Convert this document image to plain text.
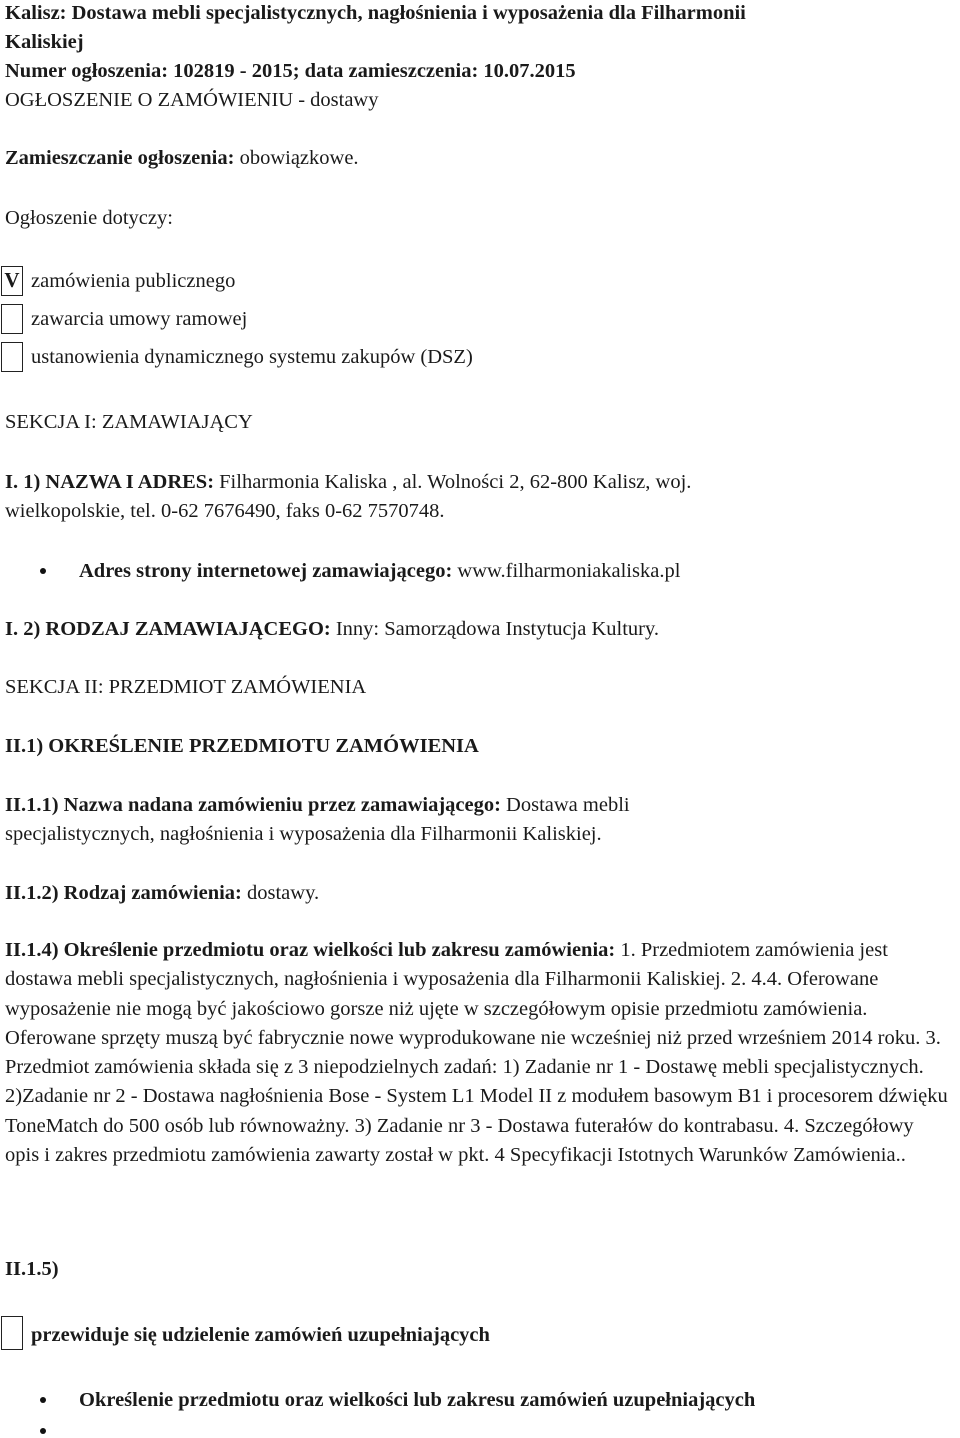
Kalisz: Dostawa mebli specjalistycznych, nagłośnienia i wyposażenia dla Filharmonii
Kaliskiej
Numer ogłoszenia: 102819 - 2015; data zamieszczenia: 10.07.2015
OGŁOSZENIE O ZAMÓWIENIU - dostawy
Zamieszczanie ogłoszenia: obowiązkowe.
Ogłoszenie dotyczy:
V zamówienia publicznego
zawarcia umowy ramowej
ustanowienia dynamicznego systemu zakupów (DSZ)
SEKCJA I: ZAMAWIAJĄCY
I. 1) NAZWA I ADRES: Filharmonia Kaliska , al. Wolności 2, 62-800 Kalisz, woj.
wielkopolskie, tel. 0-62 7676490, faks 0-62 7570748.
Adres strony internetowej zamawiającego: www.filharmoniakaliska.pl
I. 2) RODZAJ ZAMAWIAJĄCEGO: Inny: Samorządowa Instytucja Kultury.
SEKCJA II: PRZEDMIOT ZAMÓWIENIA
II.1) OKREŚLENIE PRZEDMIOTU ZAMÓWIENIA
II.1.1) Nazwa nadana zamówieniu przez zamawiającego: Dostawa mebli
specjalistycznych, nagłośnienia i wyposażenia dla Filharmonii Kaliskiej.
II.1.2) Rodzaj zamówienia: dostawy.
II.1.4) Określenie przedmiotu oraz wielkości lub zakresu zamówienia: 1. Przedmiotem zamówienia jest dostawa mebli specjalistycznych, nagłośnienia i wyposażenia dla Filharmonii Kaliskiej. 2. 4.4. Oferowane wyposażenie nie mogą być jakościowo gorsze niż ujęte w szczegółowym opisie przedmiotu zamówienia. Oferowane sprzęty muszą być fabrycznie nowe wyprodukowane nie wcześniej niż przed wrześniem 2014 roku. 3. Przedmiot zamówienia składa się z 3 niepodzielnych zadań: 1) Zadanie nr 1 - Dostawę mebli specjalistycznych. 2)Zadanie nr 2 - Dostawa nagłośnienia Bose - System L1 Model II z modułem basowym B1 i procesorem dźwięku ToneMatch do 500 osób lub równoważny. 3) Zadanie nr 3 - Dostawa futerałów do kontrabasu. 4. Szczegółowy opis i zakres przedmiotu zamówienia zawarty został w pkt. 4 Specyfikacji Istotnych Warunków Zamówienia..
II.1.5)
przewiduje się udzielenie zamówień uzupełniających
Określenie przedmiotu oraz wielkości lub zakresu zamówień uzupełniających
